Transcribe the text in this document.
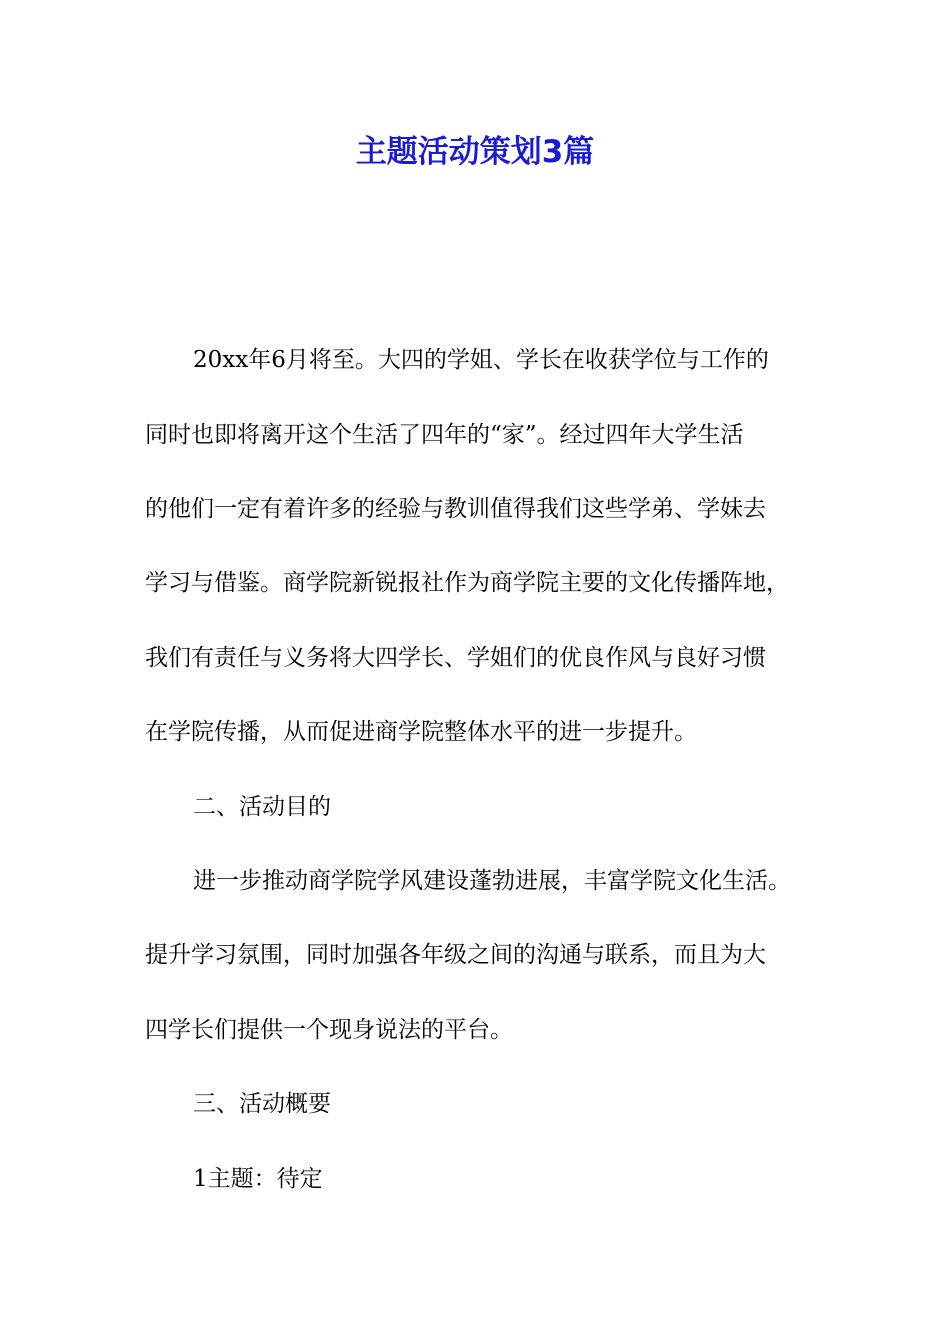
主题活动策划3篇

20xx年6月将至。大四的学姐、学长在收获学位与工作的

同时也即将离开这个生活了四年的“家”。经过四年大学生活

的他们一定有着许多的经验与教训值得我们这些学弟、学妹去

学习与借鉴。商学院新锐报社作为商学院主要的文化传播阵地，

我们有责任与义务将大四学长、学姐们的优良作风与良好习惯

在学院传播，从而促进商学院整体水平的进一步提升。

二、活动目的

进一步推动商学院学风建设蓬勃进展，丰富学院文化生活。

提升学习氛围，同时加强各年级之间的沟通与联系，而且为大

四学长们提供一个现身说法的平台。

三、活动概要

1主题：待定
